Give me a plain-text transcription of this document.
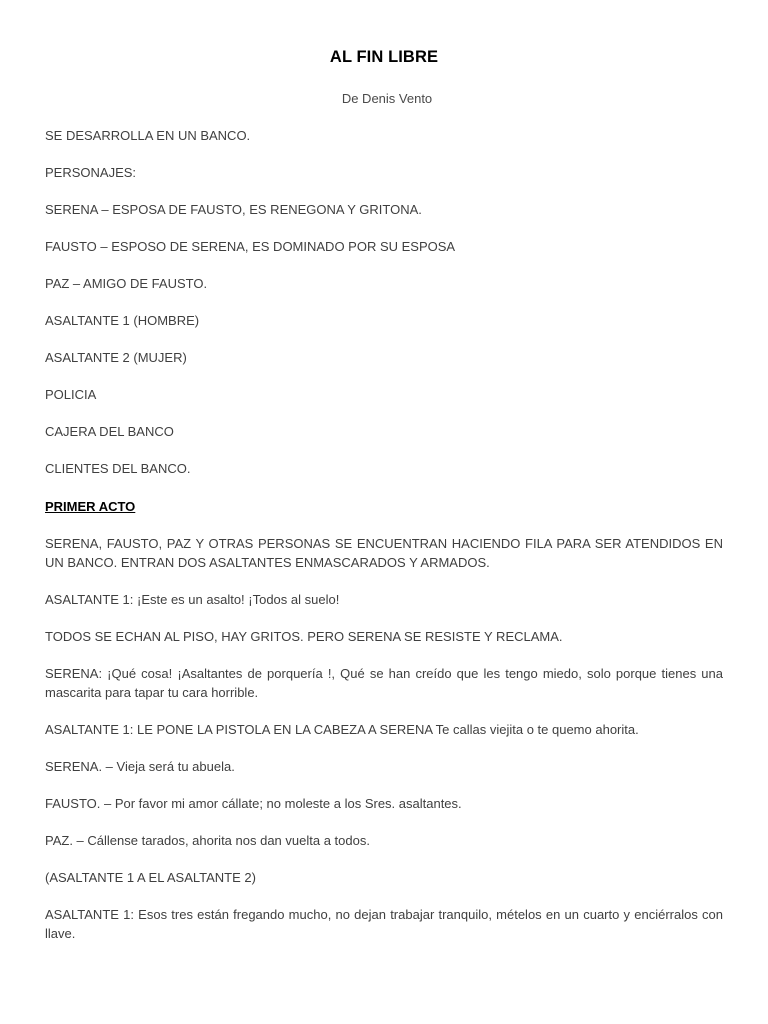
AL FIN LIBRE
De Denis Vento
SE DESARROLLA EN UN BANCO.
PERSONAJES:
SERENA – ESPOSA DE FAUSTO, ES RENEGONA Y GRITONA.
FAUSTO – ESPOSO DE SERENA, ES DOMINADO POR SU ESPOSA
PAZ – AMIGO DE FAUSTO.
ASALTANTE 1 (HOMBRE)
ASALTANTE 2 (MUJER)
POLICIA
CAJERA DEL BANCO
CLIENTES DEL BANCO.
PRIMER ACTO
SERENA, FAUSTO, PAZ Y OTRAS PERSONAS SE ENCUENTRAN HACIENDO FILA PARA SER ATENDIDOS EN UN BANCO. ENTRAN DOS ASALTANTES ENMASCARADOS Y ARMADOS.
ASALTANTE 1: ¡Este es un asalto! ¡Todos al suelo!
TODOS SE ECHAN AL PISO, HAY GRITOS. PERO SERENA SE RESISTE Y RECLAMA.
SERENA: ¡Qué cosa! ¡Asaltantes de porquería !, Qué se han creído que les tengo miedo, solo porque tienes una mascarita para tapar tu cara horrible.
ASALTANTE 1: LE PONE LA PISTOLA EN LA CABEZA A SERENA Te callas viejita o te quemo ahorita.
SERENA. – Vieja será tu abuela.
FAUSTO. – Por favor mi amor cállate; no moleste a los Sres. asaltantes.
PAZ. – Cállense tarados, ahorita nos dan vuelta a todos.
(ASALTANTE 1 A EL ASALTANTE 2)
ASALTANTE 1: Esos tres están fregando mucho, no dejan trabajar tranquilo, mételos en un cuarto y enciérralos con llave.
